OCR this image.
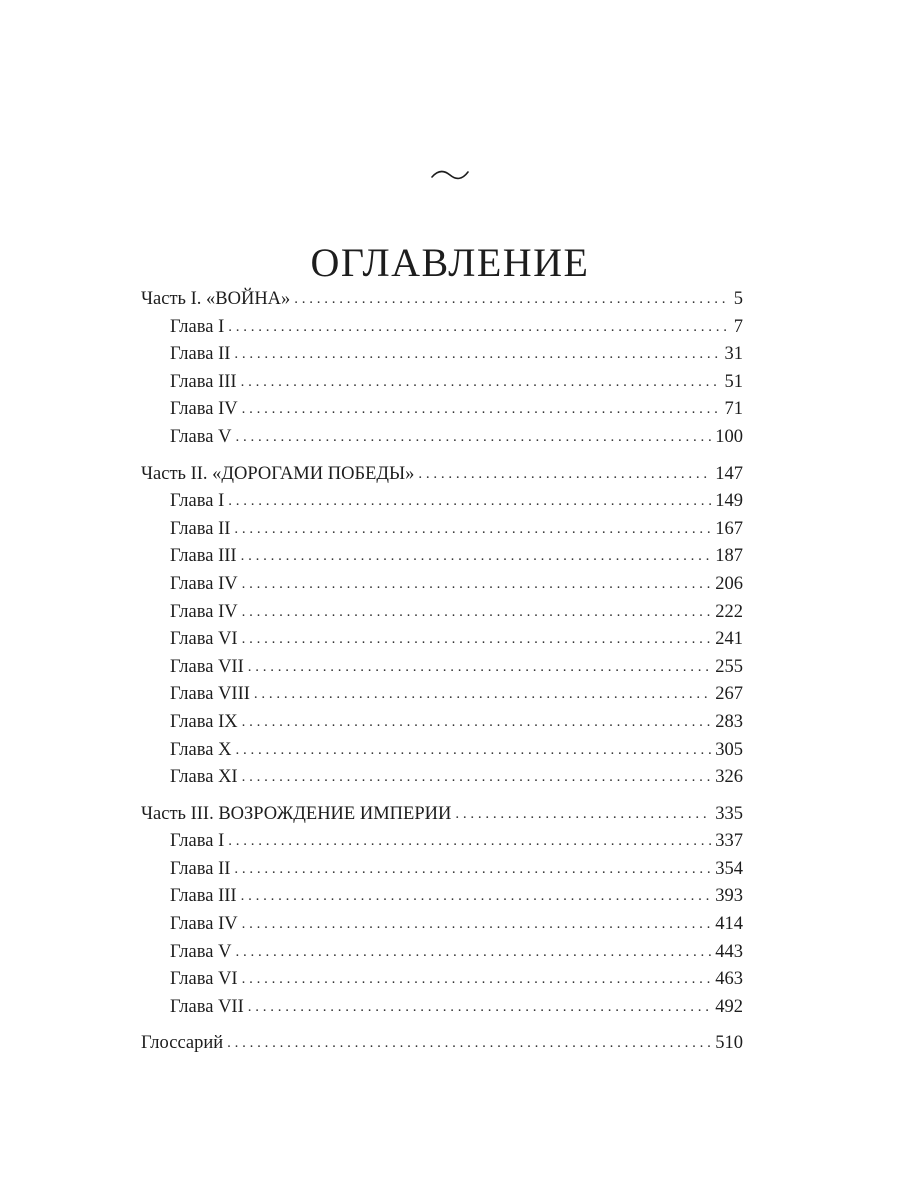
ОГЛАВЛЕНИЕ
Часть I. «ВОЙНА» . . .	5
Глава I . . .	7
Глава II . . .	31
Глава III . . .	51
Глава IV . . .	71
Глава V . . .	100
Часть II. «ДОРОГАМИ ПОБЕДЫ» . . .	147
Глава I . . .	149
Глава II . . .	167
Глава III . . .	187
Глава IV . . .	206
Глава IV . . .	222
Глава VI . . .	241
Глава VII . . .	255
Глава VIII . . .	267
Глава IX . . .	283
Глава X . . .	305
Глава XI . . .	326
Часть III. ВОЗРОЖДЕНИЕ ИМПЕРИИ . . .	335
Глава I . . .	337
Глава II . . .	354
Глава III . . .	393
Глава IV . . .	414
Глава V . . .	443
Глава VI . . .	463
Глава VII . . .	492
Глоссарий . . .	510
